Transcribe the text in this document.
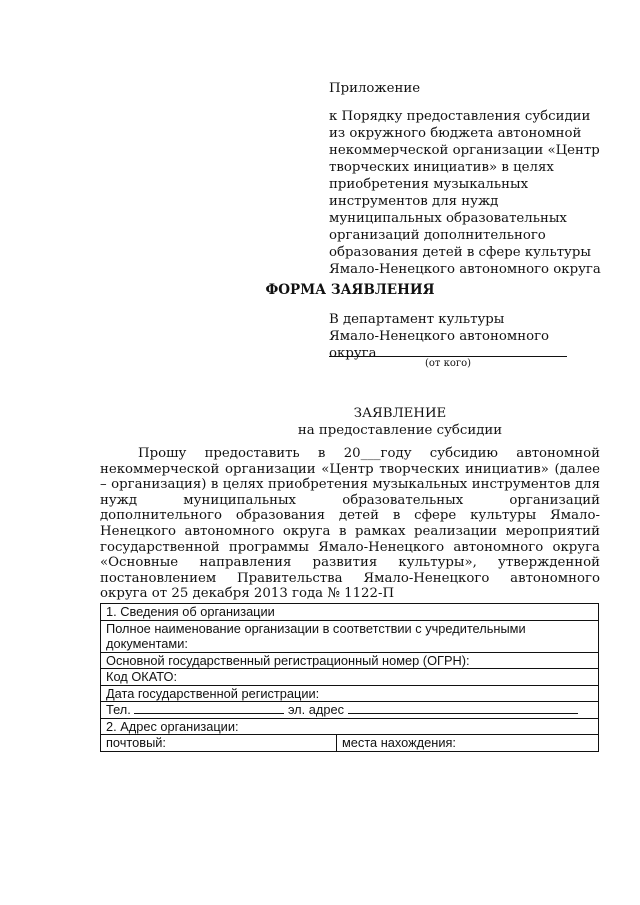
Приложение
к Порядку предоставления субсидии из окружного бюджета автономной некоммерческой организации «Центр творческих инициатив» в целях приобретения музыкальных инструментов для нужд муниципальных образовательных организаций дополнительного образования детей в сфере культуры Ямало-Ненецкого автономного округа
ФОРМА ЗАЯВЛЕНИЯ
В департамент культуры
Ямало-Ненецкого автономного округа
(от кого)
ЗАЯВЛЕНИЕ
на предоставление субсидии
Прошу предоставить в 20___году субсидию автономной некоммерческой организации «Центр творческих инициатив» (далее – организация) в целях приобретения музыкальных инструментов для нужд муниципальных образовательных организаций дополнительного образования детей в сфере культуры Ямало-Ненецкого автономного округа в рамках реализации мероприятий государственной программы Ямало-Ненецкого автономного округа «Основные направления развития культуры», утвержденной постановлением Правительства Ямало-Ненецкого автономного округа от 25 декабря 2013 года № 1122-П
1. Сведения об организации
Полное наименование организации в соответствии с учредительными документами:
Основной государственный регистрационный номер (ОГРН):
Код ОКАТО:
Дата государственной регистрации:
Тел.	эл. адрес
2. Адрес организации:
почтовый:	места нахождения:
